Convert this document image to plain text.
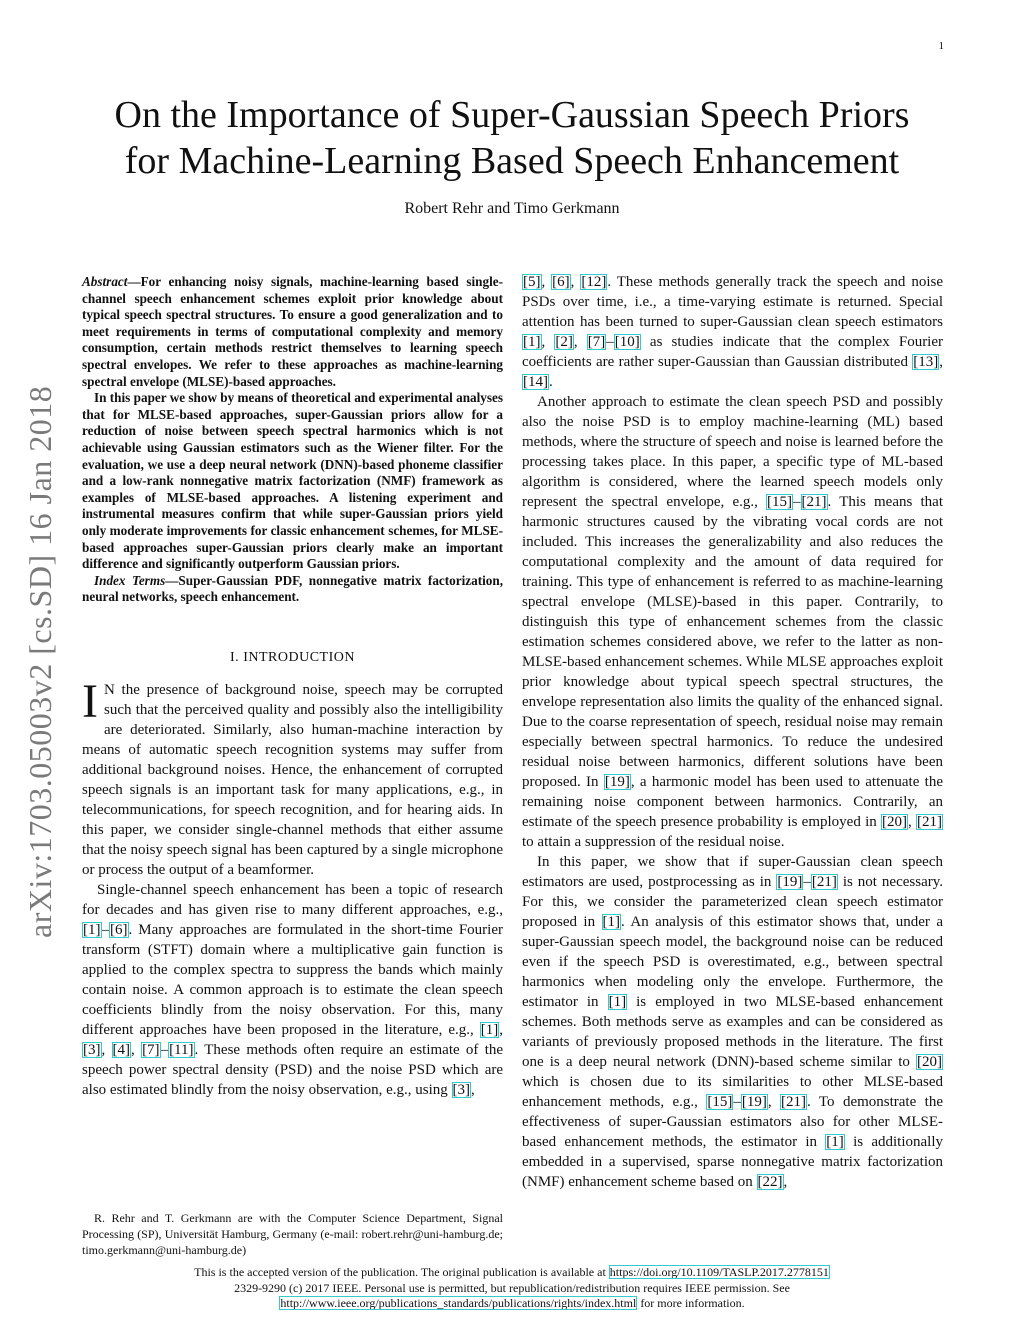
1
On the Importance of Super-Gaussian Speech Priors
for Machine-Learning Based Speech Enhancement
Robert Rehr and Timo Gerkmann
arXiv:1703.05003v2 [cs.SD] 16 Jan 2018

Abstract—For enhancing noisy signals, machine-learning based single-channel speech enhancement schemes exploit prior knowledge about typical speech spectral structures. To ensure a good generalization and to meet requirements in terms of computational complexity and memory consumption, certain methods restrict themselves to learning speech spectral envelopes. We refer to these approaches as machine-learning spectral envelope (MLSE)-based approaches.

In this paper we show by means of theoretical and experimental analyses that for MLSE-based approaches, super-Gaussian priors allow for a reduction of noise between speech spectral harmonics which is not achievable using Gaussian estimators such as the Wiener filter. For the evaluation, we use a deep neural network (DNN)-based phoneme classifier and a low-rank nonnegative matrix factorization (NMF) framework as examples of MLSE-based approaches. A listening experiment and instrumental measures confirm that while super-Gaussian priors yield only moderate improvements for classic enhancement schemes, for MLSE-based approaches super-Gaussian priors clearly make an important difference and significantly outperform Gaussian priors.

Index Terms—Super-Gaussian PDF, nonnegative matrix factorization, neural networks, speech enhancement.

I. INTRODUCTION

I N the presence of background noise, speech may be corrupted such that the perceived quality and possibly also the intelligibility are deteriorated. Similarly, also human-machine interaction by means of automatic speech recognition systems may suffer from additional background noises. Hence, the enhancement of corrupted speech signals is an important task for many applications, e.g., in telecommunications, for speech recognition, and for hearing aids. In this paper, we consider single-channel methods that either assume that the noisy speech signal has been captured by a single microphone or process the output of a beamformer.

Single-channel speech enhancement has been a topic of research for decades and has given rise to many different approaches, e.g., [1]–[6]. Many approaches are formulated in the short-time Fourier transform (STFT) domain where a multiplicative gain function is applied to the complex spectra to suppress the bands which mainly contain noise. A common approach is to estimate the clean speech coefficients blindly from the noisy observation. For this, many different approaches have been proposed in the literature, e.g., [1], [3], [4], [7]–[11]. These methods often require an estimate of the speech power spectral density (PSD) and the noise PSD which are also estimated blindly from the noisy observation, e.g., using [3],

R. Rehr and T. Gerkmann are with the Computer Science Department, Signal Processing (SP), Universität Hamburg, Germany (e-mail: robert.rehr@uni-hamburg.de; timo.gerkmann@uni-hamburg.de)

[5], [6], [12]. These methods generally track the speech and noise PSDs over time, i.e., a time-varying estimate is returned. Special attention has been turned to super-Gaussian clean speech estimators [1], [2], [7]–[10] as studies indicate that the complex Fourier coefficients are rather super-Gaussian than Gaussian distributed [13], [14].

Another approach to estimate the clean speech PSD and possibly also the noise PSD is to employ machine-learning (ML) based methods, where the structure of speech and noise is learned before the processing takes place. In this paper, a specific type of ML-based algorithm is considered, where the learned speech models only represent the spectral envelope, e.g., [15]–[21]. This means that harmonic structures caused by the vibrating vocal cords are not included. This increases the generalizability and also reduces the computational complexity and the amount of data required for training. This type of enhancement is referred to as machine-learning spectral envelope (MLSE)-based in this paper. Contrarily, to distinguish this type of enhancement schemes from the classic estimation schemes considered above, we refer to the latter as non-MLSE-based enhancement schemes. While MLSE approaches exploit prior knowledge about typical speech spectral structures, the envelope representation also limits the quality of the enhanced signal. Due to the coarse representation of speech, residual noise may remain especially between spectral harmonics. To reduce the undesired residual noise between harmonics, different solutions have been proposed. In [19], a harmonic model has been used to attenuate the remaining noise component between harmonics. Contrarily, an estimate of the speech presence probability is employed in [20], [21] to attain a suppression of the residual noise.

In this paper, we show that if super-Gaussian clean speech estimators are used, postprocessing as in [19]–[21] is not necessary. For this, we consider the parameterized clean speech estimator proposed in [1]. An analysis of this estimator shows that, under a super-Gaussian speech model, the background noise can be reduced even if the speech PSD is overestimated, e.g., between spectral harmonics when modeling only the envelope. Furthermore, the estimator in [1] is employed in two MLSE-based enhancement schemes. Both methods serve as examples and can be considered as variants of previously proposed methods in the literature. The first one is a deep neural network (DNN)-based scheme similar to [20] which is chosen due to its similarities to other MLSE-based enhancement methods, e.g., [15]–[19], [21]. To demonstrate the effectiveness of super-Gaussian estimators also for other MLSE-based enhancement methods, the estimator in [1] is additionally embedded in a supervised, sparse nonnegative matrix factorization (NMF) enhancement scheme based on [22],

This is the accepted version of the publication. The original publication is available at https://doi.org/10.1109/TASLP.2017.2778151
2329-9290 (c) 2017 IEEE. Personal use is permitted, but republication/redistribution requires IEEE permission. See
http://www.ieee.org/publications_standards/publications/rights/index.html for more information.
